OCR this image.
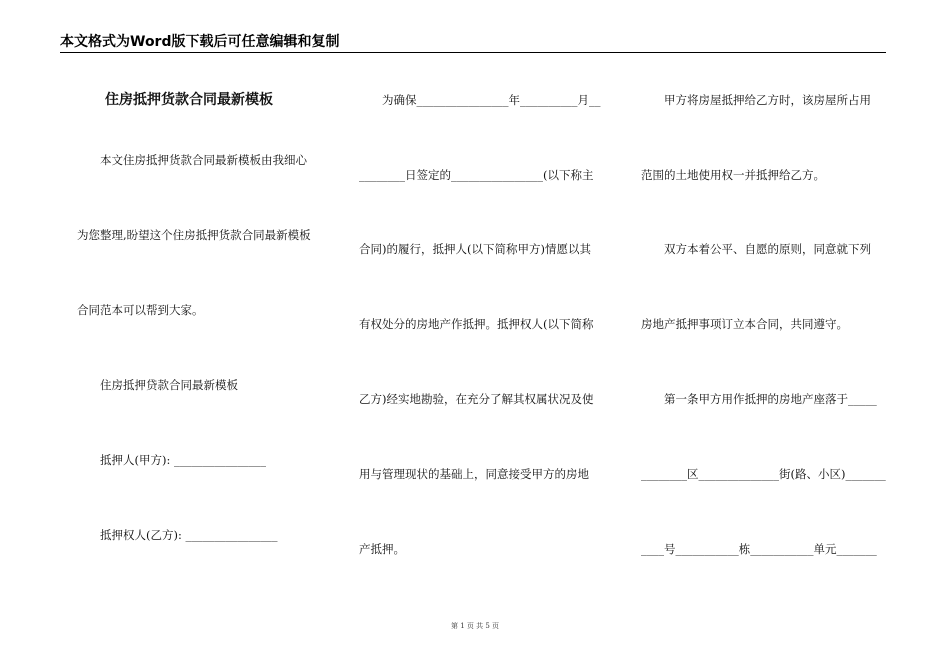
本文格式为Word版下载后可任意编辑和复制
住房抵押货款合同最新模板
本文住房抵押货款合同最新模板由我细心
为您整理,盼望这个住房抵押货款合同最新模板
合同范本可以帮到大家。
住房抵押贷款合同最新模板
抵押人(甲方): ________________
抵押权人(乙方): ________________
为确保________________年__________月__
________日签定的________________(以下称主
合同)的履行，抵押人(以下简称甲方)情愿以其
有权处分的房地产作抵押。抵押权人(以下简称
乙方)经实地勘验，在充分了解其权属状况及使
用与管理现状的基础上，同意接受甲方的房地
产抵押。
甲方将房屋抵押给乙方时，该房屋所占用
范围的土地使用权一并抵押给乙方。
双方本着公平、自愿的原则，同意就下列
房地产抵押事项订立本合同，共同遵守。
第一条甲方用作抵押的房地产座落于_____
________区______________街(路、小区)_______
____号___________栋___________单元_______
第 1 页 共 5 页
